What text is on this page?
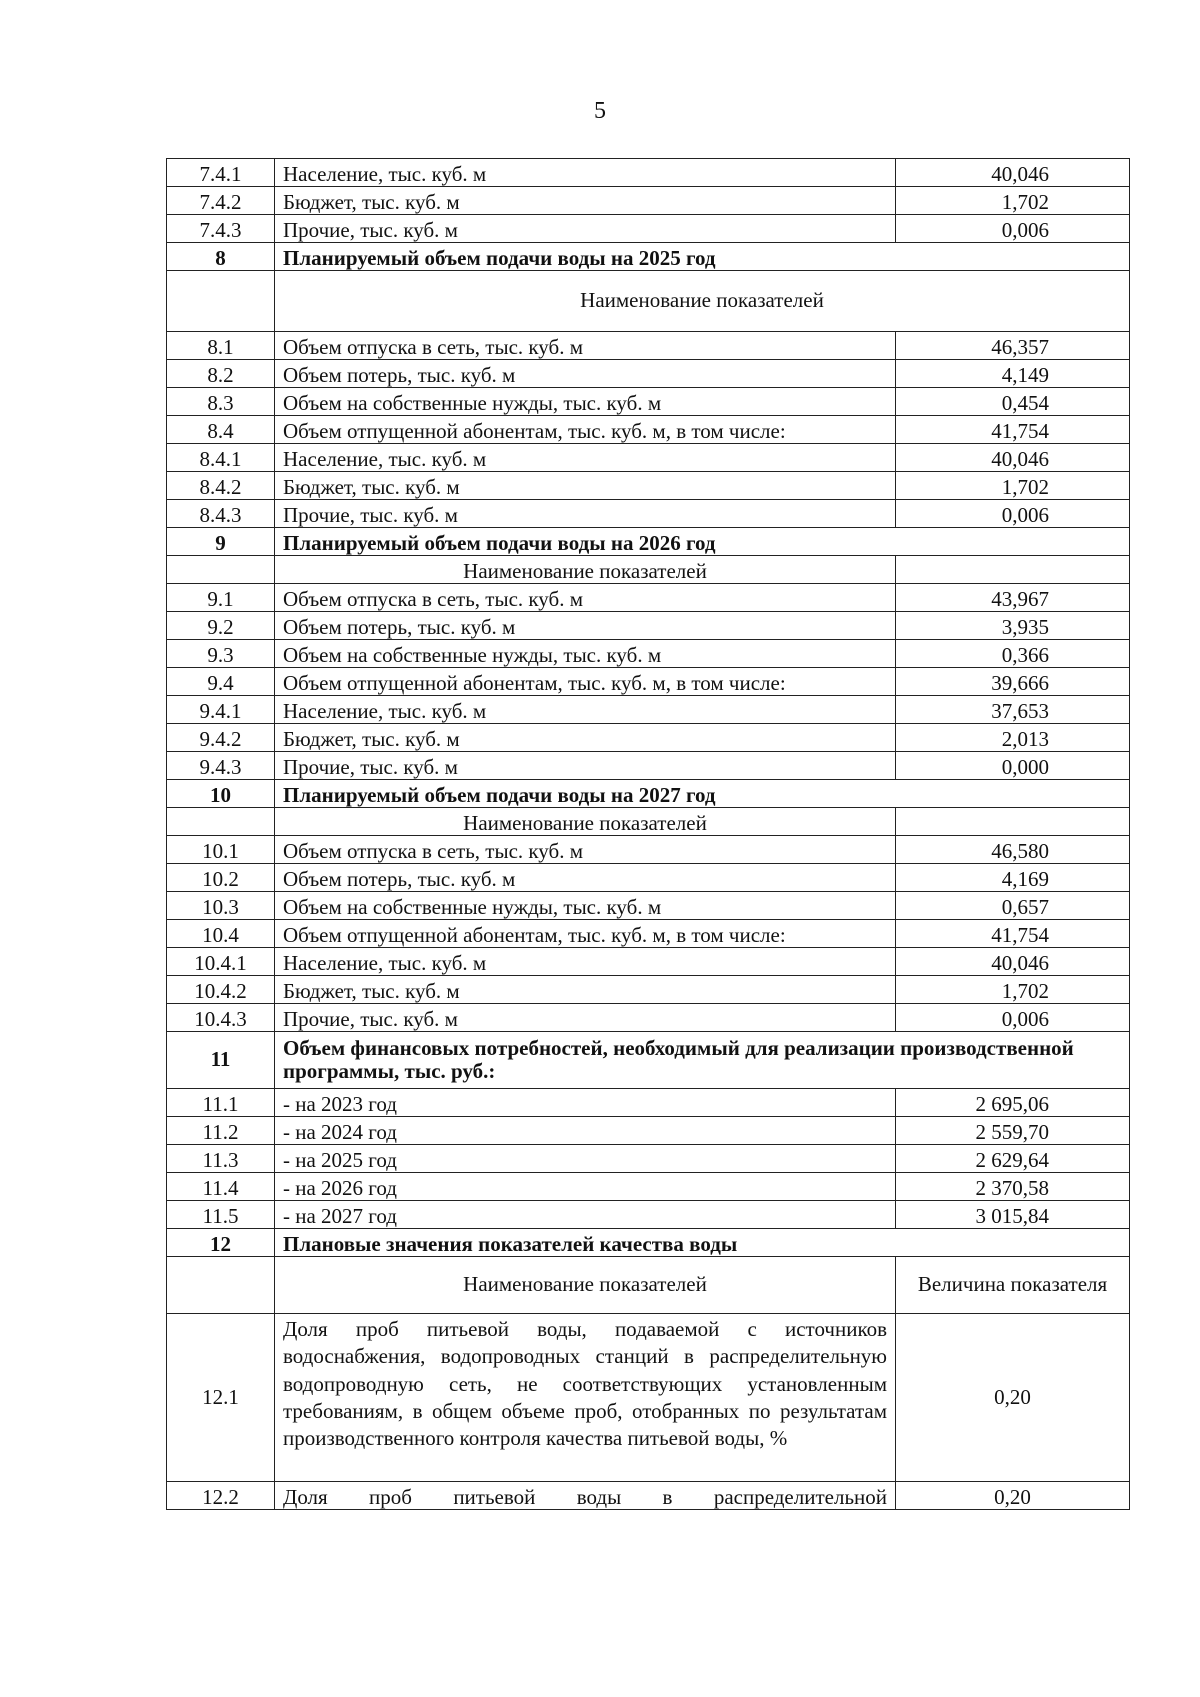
5
7.4.1	Население, тыс. куб. м	40,046
7.4.2	Бюджет, тыс. куб. м	1,702
7.4.3	Прочие, тыс. куб. м	0,006
8	Планируемый объем подачи воды на 2025 год	
	Наименование показателей	
8.1	Объем отпуска в сеть, тыс. куб. м	46,357
8.2	Объем потерь, тыс. куб. м	4,149
8.3	Объем на собственные нужды, тыс. куб. м	0,454
8.4	Объем отпущенной абонентам, тыс. куб. м, в том числе:	41,754
8.4.1	Население, тыс. куб. м	40,046
8.4.2	Бюджет, тыс. куб. м	1,702
8.4.3	Прочие, тыс. куб. м	0,006
9	Планируемый объем подачи воды на 2026 год	
	Наименование показателей	
9.1	Объем отпуска в сеть, тыс. куб. м	43,967
9.2	Объем потерь, тыс. куб. м	3,935
9.3	Объем на собственные нужды, тыс. куб. м	0,366
9.4	Объем отпущенной абонентам, тыс. куб. м, в том числе:	39,666
9.4.1	Население, тыс. куб. м	37,653
9.4.2	Бюджет, тыс. куб. м	2,013
9.4.3	Прочие, тыс. куб. м	0,000
10	Планируемый объем подачи воды на 2027 год	
	Наименование показателей	
10.1	Объем отпуска в сеть, тыс. куб. м	46,580
10.2	Объем потерь, тыс. куб. м	4,169
10.3	Объем на собственные нужды, тыс. куб. м	0,657
10.4	Объем отпущенной абонентам, тыс. куб. м, в том числе:	41,754
10.4.1	Население, тыс. куб. м	40,046
10.4.2	Бюджет, тыс. куб. м	1,702
10.4.3	Прочие, тыс. куб. м	0,006
11	Объем финансовых потребностей, необходимый для реализации производственной программы, тыс. руб.:	
11.1	- на 2023 год	2 695,06
11.2	- на 2024 год	2 559,70
11.3	- на 2025 год	2 629,64
11.4	- на 2026 год	2 370,58
11.5	- на 2027 год	3 015,84
12	Плановые значения показателей качества воды	
	Наименование показателей	Величина показателя
12.1	Доля проб питьевой воды, подаваемой с источников водоснабжения, водопроводных станций в распределительную водопроводную сеть, не соответствующих установленным требованиям, в общем объеме проб, отобранных по результатам производственного контроля качества питьевой воды, %	0,20
12.2	Доля проб питьевой воды в распределительной	0,20
